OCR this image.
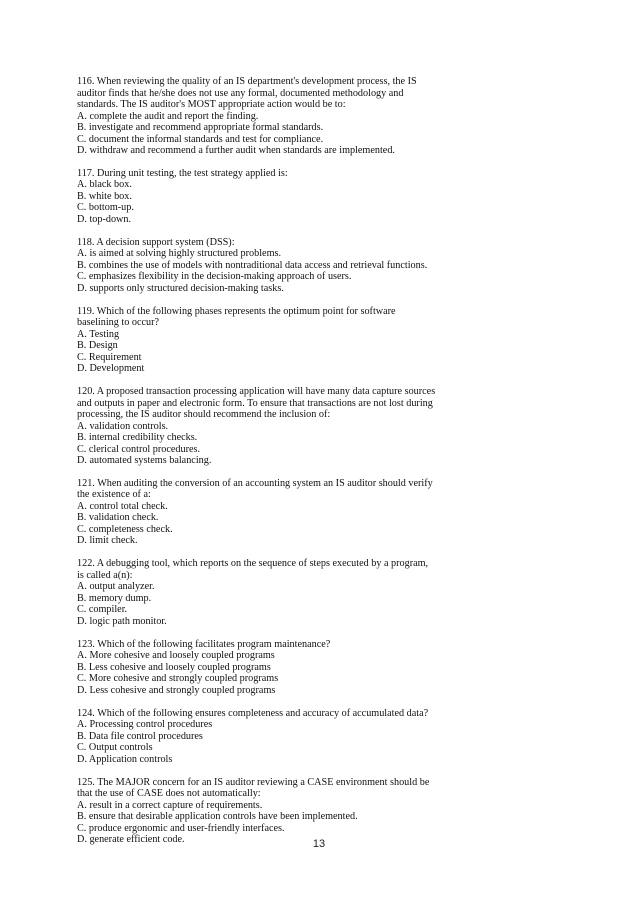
116. When reviewing the quality of an IS department's development process, the IS auditor finds that he/she does not use any formal, documented methodology and standards. The IS auditor's MOST appropriate action would be to:
A. complete the audit and report the finding.
B. investigate and recommend appropriate formal standards.
C. document the informal standards and test for compliance.
D. withdraw and recommend a further audit when standards are implemented.
117. During unit testing, the test strategy applied is:
A. black box.
B. white box.
C. bottom-up.
D. top-down.
118. A decision support system (DSS):
A. is aimed at solving highly structured problems.
B. combines the use of models with nontraditional data access and retrieval functions.
C. emphasizes flexibility in the decision-making approach of users.
D. supports only structured decision-making tasks.
119. Which of the following phases represents the optimum point for software baselining to occur?
A. Testing
B. Design
C. Requirement
D. Development
120. A proposed transaction processing application will have many data capture sources and outputs in paper and electronic form. To ensure that transactions are not lost during processing, the IS auditor should recommend the inclusion of:
A. validation controls.
B. internal credibility checks.
C. clerical control procedures.
D. automated systems balancing.
121. When auditing the conversion of an accounting system an IS auditor should verify the existence of a:
A. control total check.
B. validation check.
C. completeness check.
D. limit check.
122. A debugging tool, which reports on the sequence of steps executed by a program, is called a(n):
A. output analyzer.
B. memory dump.
C. compiler.
D. logic path monitor.
123. Which of the following facilitates program maintenance?
A. More cohesive and loosely coupled programs
B. Less cohesive and loosely coupled programs
C. More cohesive and strongly coupled programs
D. Less cohesive and strongly coupled programs
124. Which of the following ensures completeness and accuracy of accumulated data?
A. Processing control procedures
B. Data file control procedures
C. Output controls
D. Application controls
125. The MAJOR concern for an IS auditor reviewing a CASE environment should be that the use of CASE does not automatically:
A. result in a correct capture of requirements.
B. ensure that desirable application controls have been implemented.
C. produce ergonomic and user-friendly interfaces.
D. generate efficient code.	13
